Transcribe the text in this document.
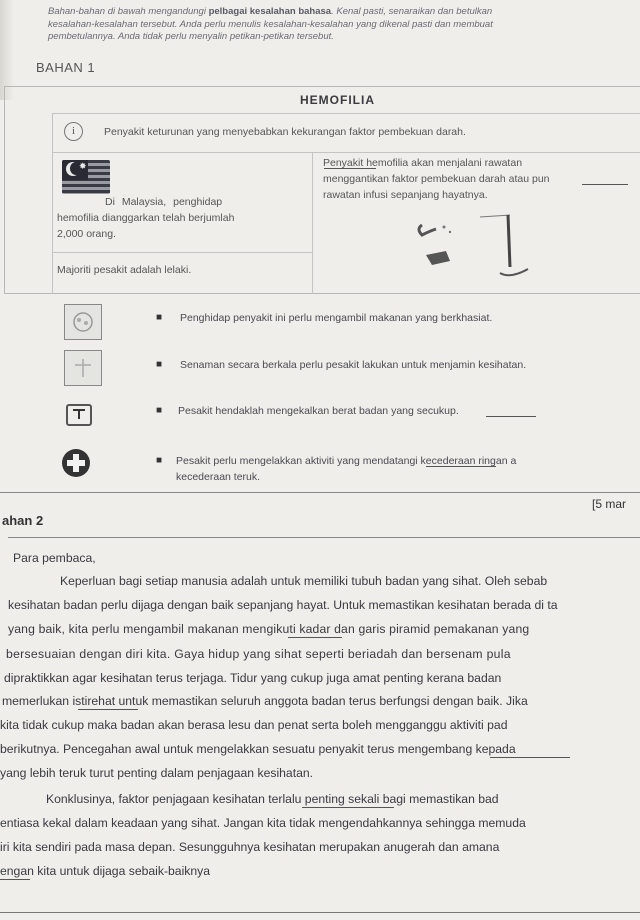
Bahan-bahan di bawah mengandungi pelbagai kesalahan bahasa. Kenal pasti, senaraikan dan betulkan
kesalahan-kesalahan tersebut. Anda perlu menulis kesalahan-kesalahan yang dikenal pasti dan membuat
pembetulannya. Anda tidak perlu menyalin petikan-petikan tersebut.
BAHAN 1
HEMOFILIA
i	Penyakit keturunan yang menyebabkan kekurangan faktor pembekuan darah.
✸
Di Malaysia, penghidap
hemofilia dianggarkan telah berjumlah
2,000 orang.
Majoriti pesakit adalah lelaki.
Penyakit hemofilia akan menjalani rawatan
menggantikan faktor pembekuan darah atau pun
rawatan infusi sepanjang hayatnya.
■ Penghidap penyakit ini perlu mengambil makanan yang berkhasiat.
■ Senaman secara berkala perlu pesakit lakukan untuk menjamin kesihatan.
■ Pesakit hendaklah mengekalkan berat badan yang secukup.
■ Pesakit perlu mengelakkan aktiviti yang mendatangi kecederaan ringan a
kecederaan teruk.
[5 mar
ahan 2
Para pembaca,
Keperluan bagi setiap manusia adalah untuk memiliki tubuh badan yang sihat. Oleh sebab
kesihatan badan perlu dijaga dengan baik sepanjang hayat. Untuk memastikan kesihatan berada di ta
yang baik, kita perlu mengambil makanan mengikuti kadar dan garis piramid pemakanan yang
bersesuaian dengan diri kita. Gaya hidup yang sihat seperti beriadah dan bersenam pula
dipraktikkan agar kesihatan terus terjaga. Tidur yang cukup juga amat penting kerana badan
memerlukan istirehat untuk memastikan seluruh anggota badan terus berfungsi dengan baik. Jika
kita tidak cukup maka badan akan berasa lesu dan penat serta boleh mengganggu aktiviti pad
berikutnya. Pencegahan awal untuk mengelakkan sesuatu penyakit terus mengembang kepada
yang lebih teruk turut penting dalam penjagaan kesihatan.
Konklusinya, faktor penjagaan kesihatan terlalu penting sekali bagi memastikan bad
entiasa kekal dalam keadaan yang sihat. Jangan kita tidak mengendahkannya sehingga memuda
iri kita sendiri pada masa depan. Sesungguhnya kesihatan merupakan anugerah dan amana
engan kita untuk dijaga sebaik-baiknya
